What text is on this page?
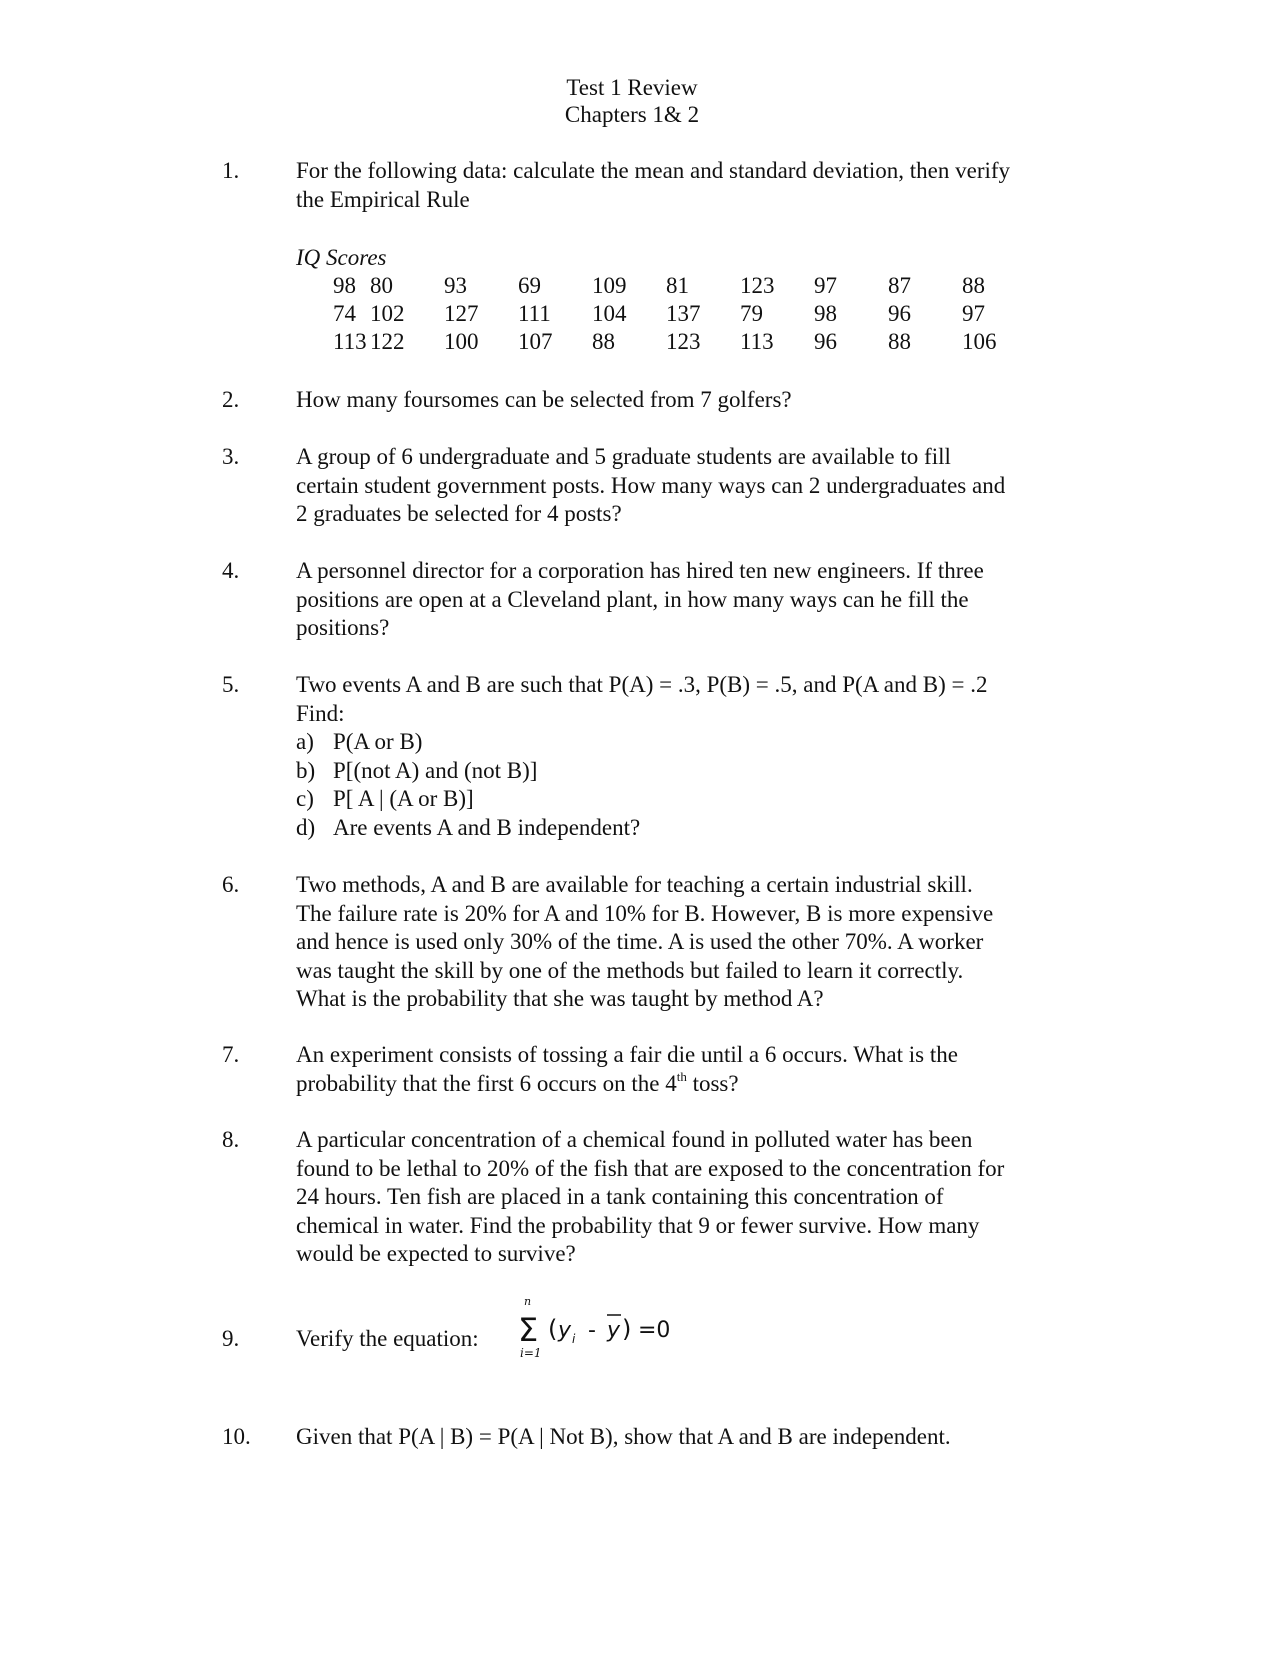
Test 1 Review
Chapters 1& 2
1.	For the following data: calculate the mean and standard deviation, then verify
the Empirical Rule
IQ Scores
98	80	93	69	109	81	123	97	87	88
74	102	127	111	104	137	79	98	96	97
113	122	100	107	88	123	113	96	88	106
2.	How many foursomes can be selected from 7 golfers?
3.	A group of 6 undergraduate and 5 graduate students are available to fill
certain student government posts. How many ways can 2 undergraduates and
2 graduates be selected for 4 posts?
4.	A personnel director for a corporation has hired ten new engineers. If three
positions are open at a Cleveland plant, in how many ways can he fill the
positions?
5.	Two events A and B are such that P(A) = .3, P(B) = .5, and P(A and B) = .2
Find:
a) P(A or B)
b) P[(not A) and (not B)]
c) P[ A | (A or B)]
d) Are events A and B independent?
6.	Two methods, A and B are available for teaching a certain industrial skill.
The failure rate is 20% for A and 10% for B. However, B is more expensive
and hence is used only 30% of the time. A is used the other 70%. A worker
was taught the skill by one of the methods but failed to learn it correctly.
What is the probability that she was taught by method A?
7.	An experiment consists of tossing a fair die until a 6 occurs. What is the
probability that the first 6 occurs on the 4th toss?
8.	A particular concentration of a chemical found in polluted water has been
found to be lethal to 20% of the fish that are exposed to the concentration for
24 hours. Ten fish are placed in a tank containing this concentration of
chemical in water. Find the probability that 9 or fewer survive. How many
would be expected to survive?
9.	Verify the equation:
n
Σ
i=1
( y i - y ) =0
10.	Given that P(A | B) = P(A | Not B), show that A and B are independent.
